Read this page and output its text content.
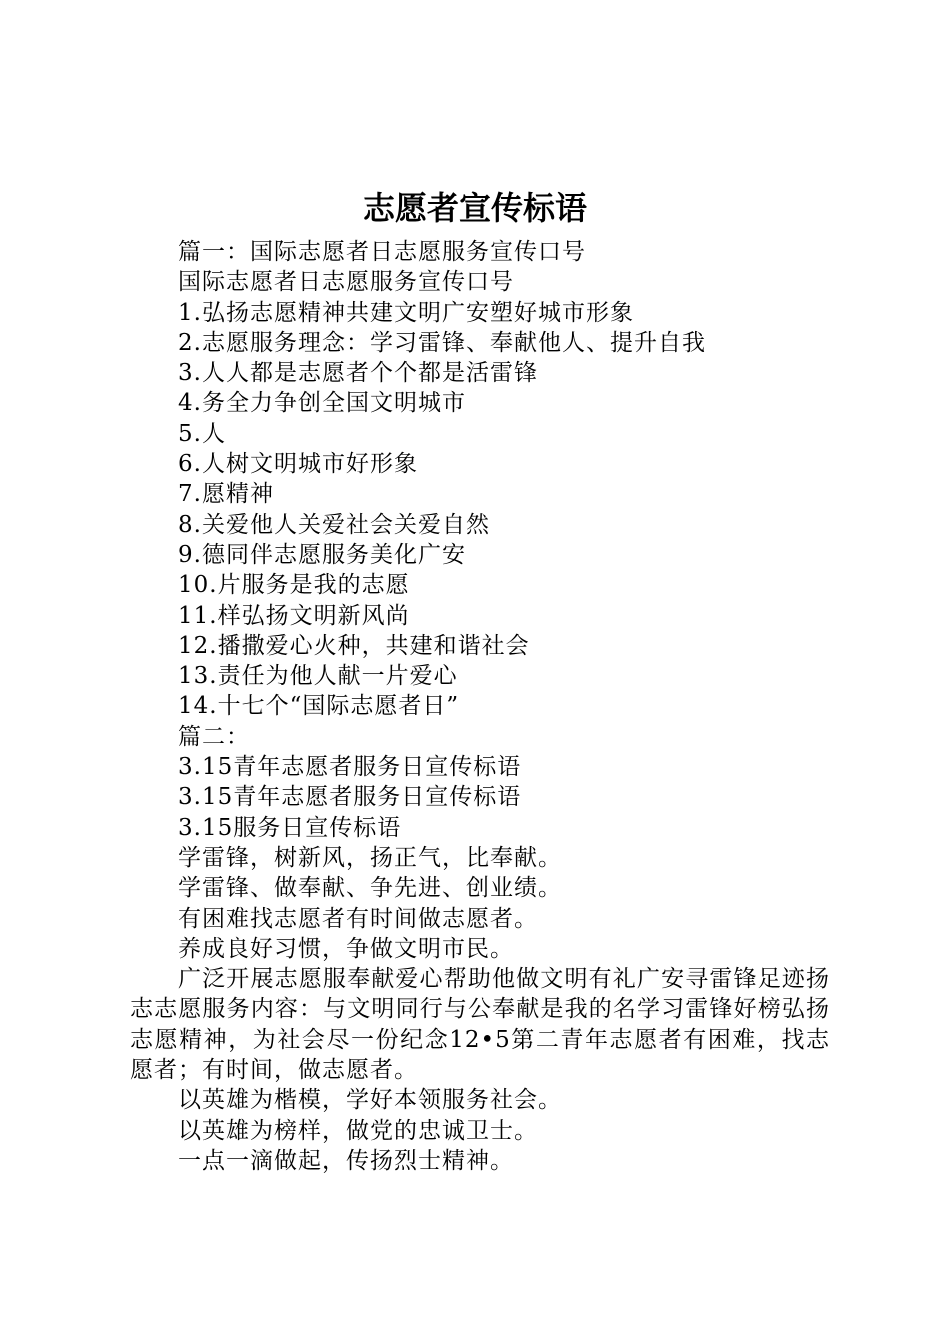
志愿者宣传标语
篇一：国际志愿者日志愿服务宣传口号
国际志愿者日志愿服务宣传口号
1.弘扬志愿精神共建文明广安塑好城市形象
2.志愿服务理念：学习雷锋、奉献他人、提升自我
3.人人都是志愿者个个都是活雷锋
4.务全力争创全国文明城市
5.人
6.人树文明城市好形象
7.愿精神
8.关爱他人关爱社会关爱自然
9.德同伴志愿服务美化广安
10.片服务是我的志愿
11.样弘扬文明新风尚
12.播撒爱心火种，共建和谐社会
13.责任为他人献一片爱心
14.十七个“国际志愿者日”
篇二：
3.15青年志愿者服务日宣传标语
3.15青年志愿者服务日宣传标语
3.15服务日宣传标语
学雷锋，树新风，扬正气，比奉献。
学雷锋、做奉献、争先进、创业绩。
有困难找志愿者有时间做志愿者。
养成良好习惯，争做文明市民。

广泛开展志愿服奉献爱心帮助他做文明有礼广安寻雷锋足迹扬志志愿服务内容：与文明同行与公奉献是我的名学习雷锋好榜弘扬志愿精神，为社会尽一份纪念12•5第二青年志愿者有困难，找志愿者；有时间，做志愿者。

以英雄为楷模，学好本领服务社会。
以英雄为榜样，做党的忠诚卫士。
一点一滴做起，传扬烈士精神。
